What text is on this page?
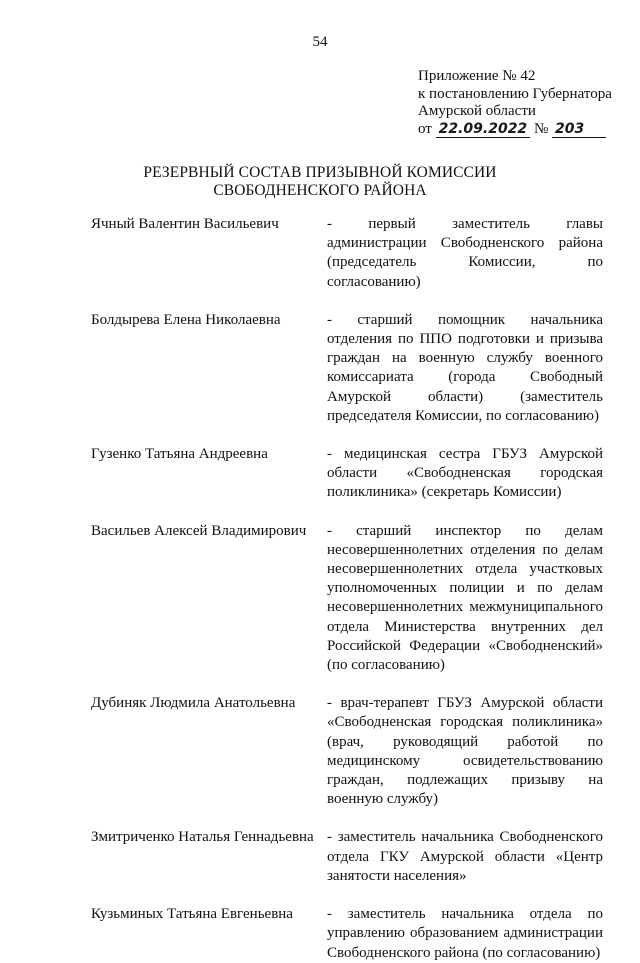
54
Приложение № 42
к постановлению Губернатора
Амурской области
от 22.09.2022 № 203
РЕЗЕРВНЫЙ СОСТАВ ПРИЗЫВНОЙ КОМИССИИ
СВОБОДНЕНСКОГО РАЙОНА
Ячный Валентин Васильевич	- первый заместитель главы администрации Свободненского района (председатель Комиссии, по согласованию)
Болдырева Елена Николаевна	- старший помощник начальника отделения по ППО подготовки и призыва граждан на военную службу военного комиссариата (города Свободный Амурской области) (заместитель председателя Комиссии, по согласованию)
Гузенко Татьяна Андреевна	- медицинская сестра ГБУЗ Амурской области «Свободненская городская поликлиника» (секретарь Комиссии)
Васильев Алексей Владимирович	- старший инспектор по делам несовершеннолетних отделения по делам несовершеннолетних отдела участковых уполномоченных полиции и по делам несовершеннолетних межмуниципального отдела Министерства внутренних дел Российской Федерации «Свободненский» (по согласованию)
Дубиняк Людмила Анатольевна	- врач-терапевт ГБУЗ Амурской области «Свободненская городская поликлиника» (врач, руководящий работой по медицинскому освидетельствованию граждан, подлежащих призыву на военную службу)
Змитриченко Наталья Геннадьевна - заместитель начальника Свободненского отдела ГКУ Амурской области «Центр занятости населения»
Кузьминых Татьяна Евгеньевна	- заместитель начальника отдела по управлению образованием администрации Свободненского района (по согласованию)
